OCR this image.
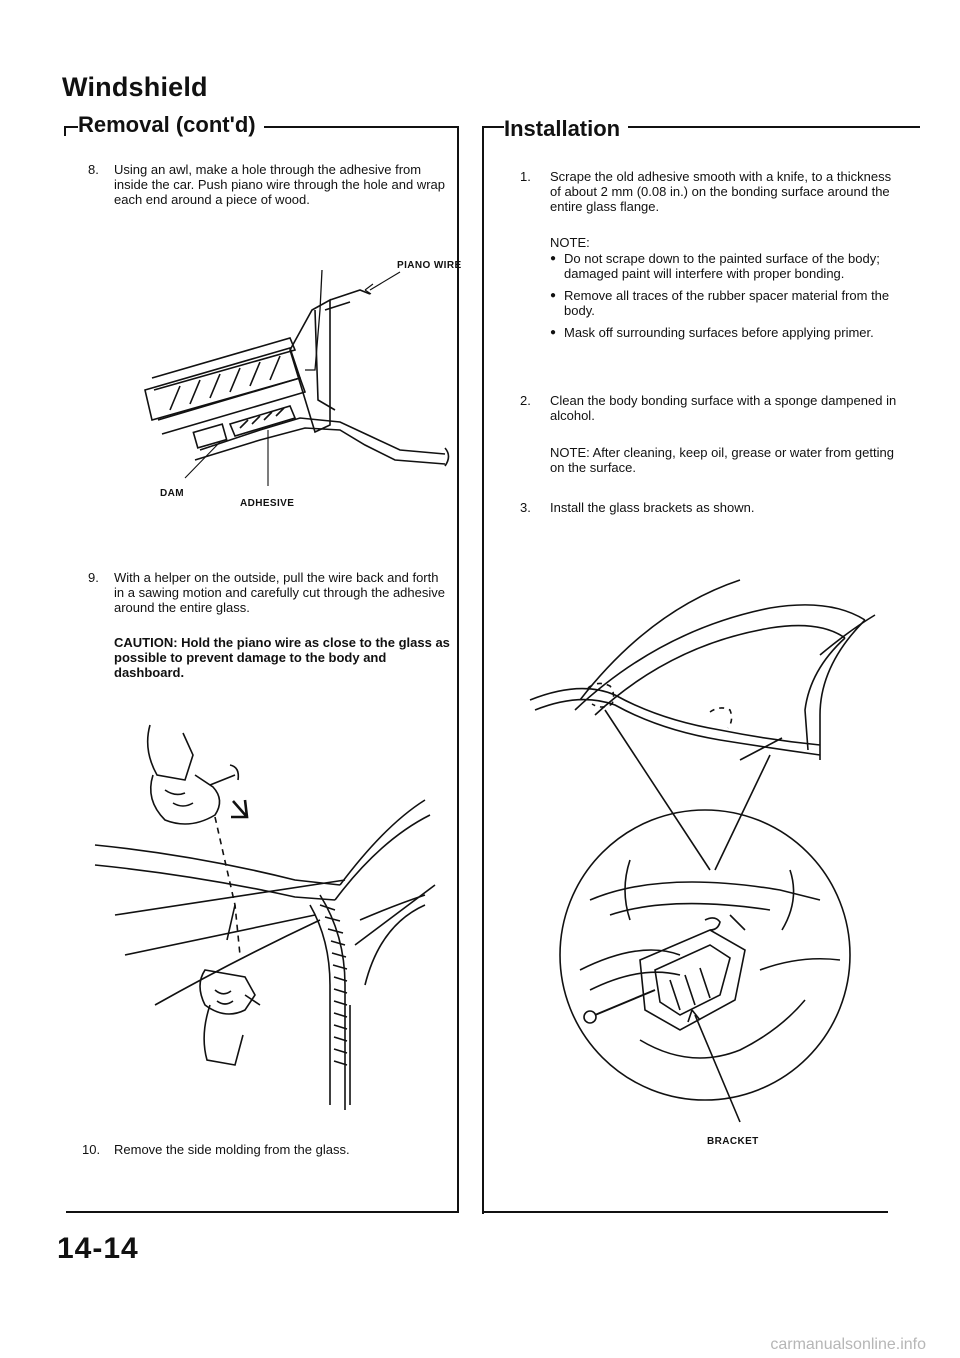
Windshield
Removal (cont'd)
8. Using an awl, make a hole through the adhesive from inside the car. Push piano wire through the hole and wrap each end around a piece of wood.
PIANO WIRE
DAM
ADHESIVE
9. With a helper on the outside, pull the wire back and forth in a sawing motion and carefully cut through the adhesive around the entire glass.
CAUTION: Hold the piano wire as close to the glass as possible to prevent damage to the body and dashboard.
10. Remove the side molding from the glass.
Installation
1. Scrape the old adhesive smooth with a knife, to a thickness of about 2 mm (0.08 in.) on the bonding surface around the entire glass flange.
NOTE:
● Do not scrape down to the painted surface of the body; damaged paint will interfere with proper bonding.
● Remove all traces of the rubber spacer material from the body.
● Mask off surrounding surfaces before applying primer.
2. Clean the body bonding surface with a sponge dampened in alcohol.
NOTE: After cleaning, keep oil, grease or water from getting on the surface.
3. Install the glass brackets as shown.
BRACKET
14-14
carmanualsonline.info
